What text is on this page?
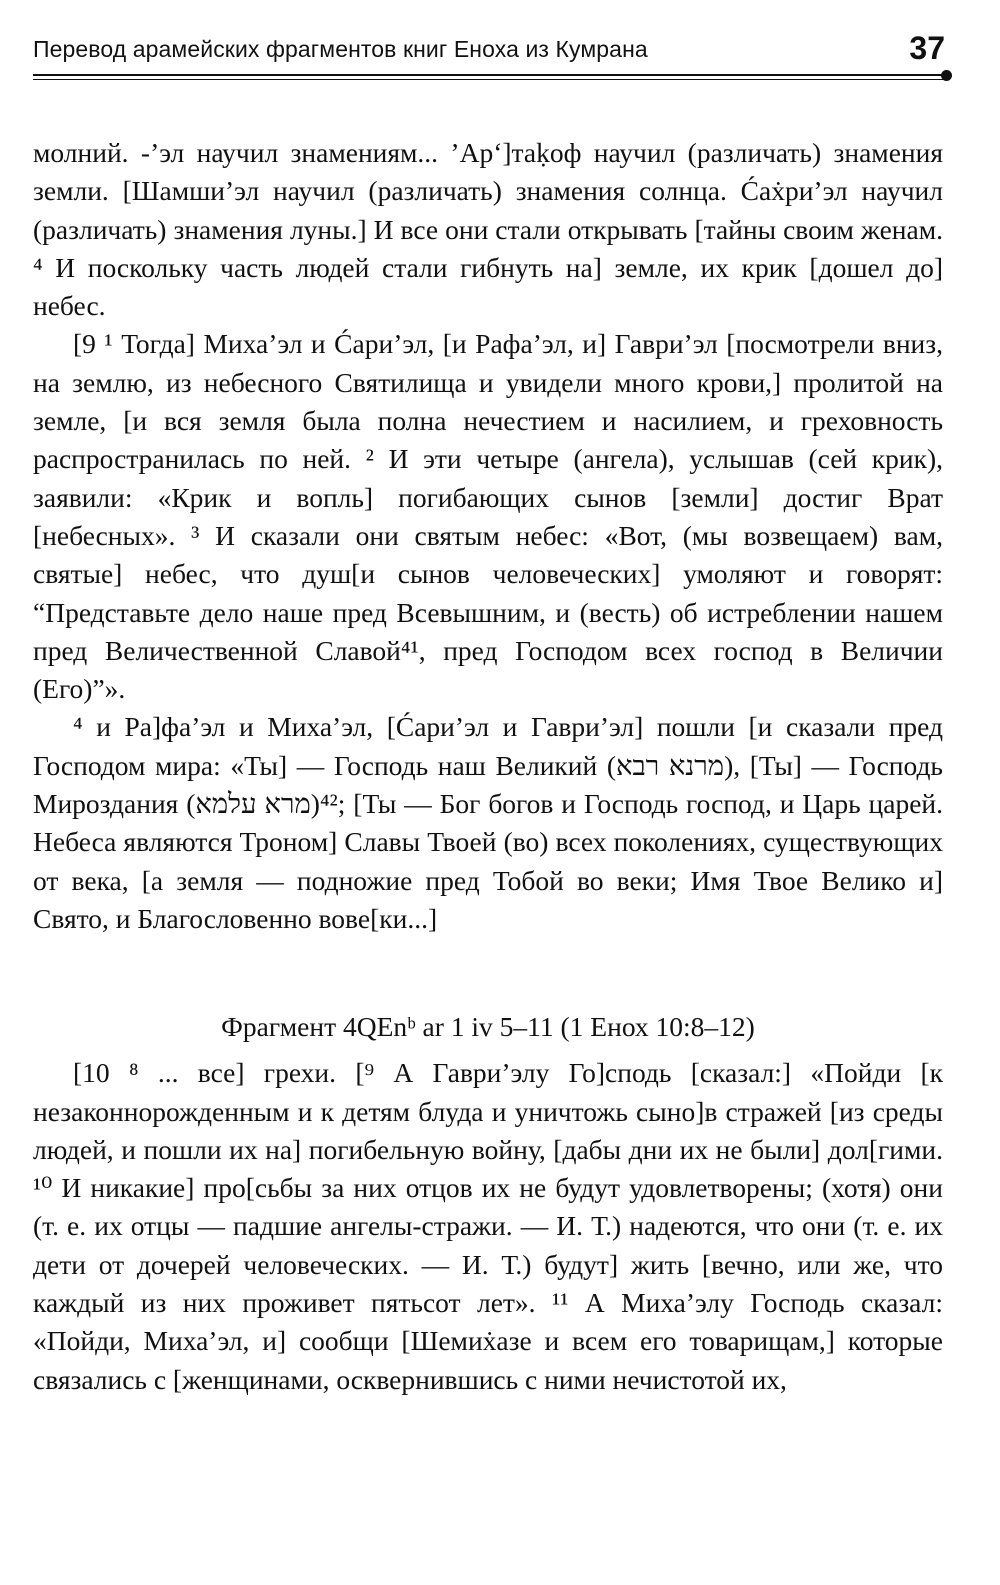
Перевод арамейских фрагментов книг Еноха из Кумрана	37

молний. -’эл научил знамениям... ’Ар‘]таḳоф научил (различать) знамения земли. [Шамши’эл научил (различать) знамения солнца. Ćаẋри’эл научил (различать) знамения луны.] И все они стали открывать [тайны своим женам. ⁴ И поскольку часть людей стали гибнуть на] земле, их крик [дошел до] небес.

[9 ¹ Тогда] Миха’эл и Ćари’эл, [и Рафа’эл, и] Гаври’эл [посмотрели вниз, на землю, из небесного Святилища и увидели много крови,] пролитой на земле, [и вся земля была полна нечестием и насилием, и греховность распространилась по ней. ² И эти четыре (ангела), услышав (сей крик), заявили: «Крик и вопль] погибающих сынов [земли] достиг Врат [небесных». ³ И сказали они святым небес: «Вот, (мы возвещаем) вам, святые] небес, что душ[и сынов человеческих] умоляют и говорят: “Представьте дело наше пред Всевышним, и (весть) об истреблении нашем пред Величественной Славой⁴¹, пред Господом всех господ в Величии (Его)”».

⁴ и Ра]фа’эл и Миха’эл, [Ćари’эл и Гаври’эл] пошли [и сказали пред Господом мира: «Ты] — Господь наш Великий (מרנא רבא), [Ты] — Господь Мироздания (מרא עלמא)⁴²; [Ты — Бог богов и Господь господ, и Царь царей. Небеса являются Троном] Славы Твоей (во) всех поколениях, существующих от века, [а земля — подножие пред Тобой во веки; Имя Твое Велико и] Свято, и Благословенно вове[ки...]

Фрагмент 4QEnᵇ ar 1 iv 5–11 (1 Енох 10:8–12)

[10 ⁸ ... все] грехи. [⁹ А Гаври’элу Го]сподь [сказал:] «Пойди [к незаконнорожденным и к детям блуда и уничтожь сыно]в стражей [из среды людей, и пошли их на] погибельную войну, [дабы дни их не были] дол[гими. ¹⁰ И никакие] про[сьбы за них отцов их не будут удовлетворены; (хотя) они (т. е. их отцы — падшие ангелы-стражи. — И. Т.) надеются, что они (т. е. их дети от дочерей человеческих. — И. Т.) будут] жить [вечно, или же, что каждый из них проживет пятьсот лет». ¹¹ А Миха’элу Господь сказал: «Пойди, Миха’эл, и] сообщи [Шемиẋазе и всем его товарищам,] которые связались с [женщинами, осквернившись с ними нечистотой их,
